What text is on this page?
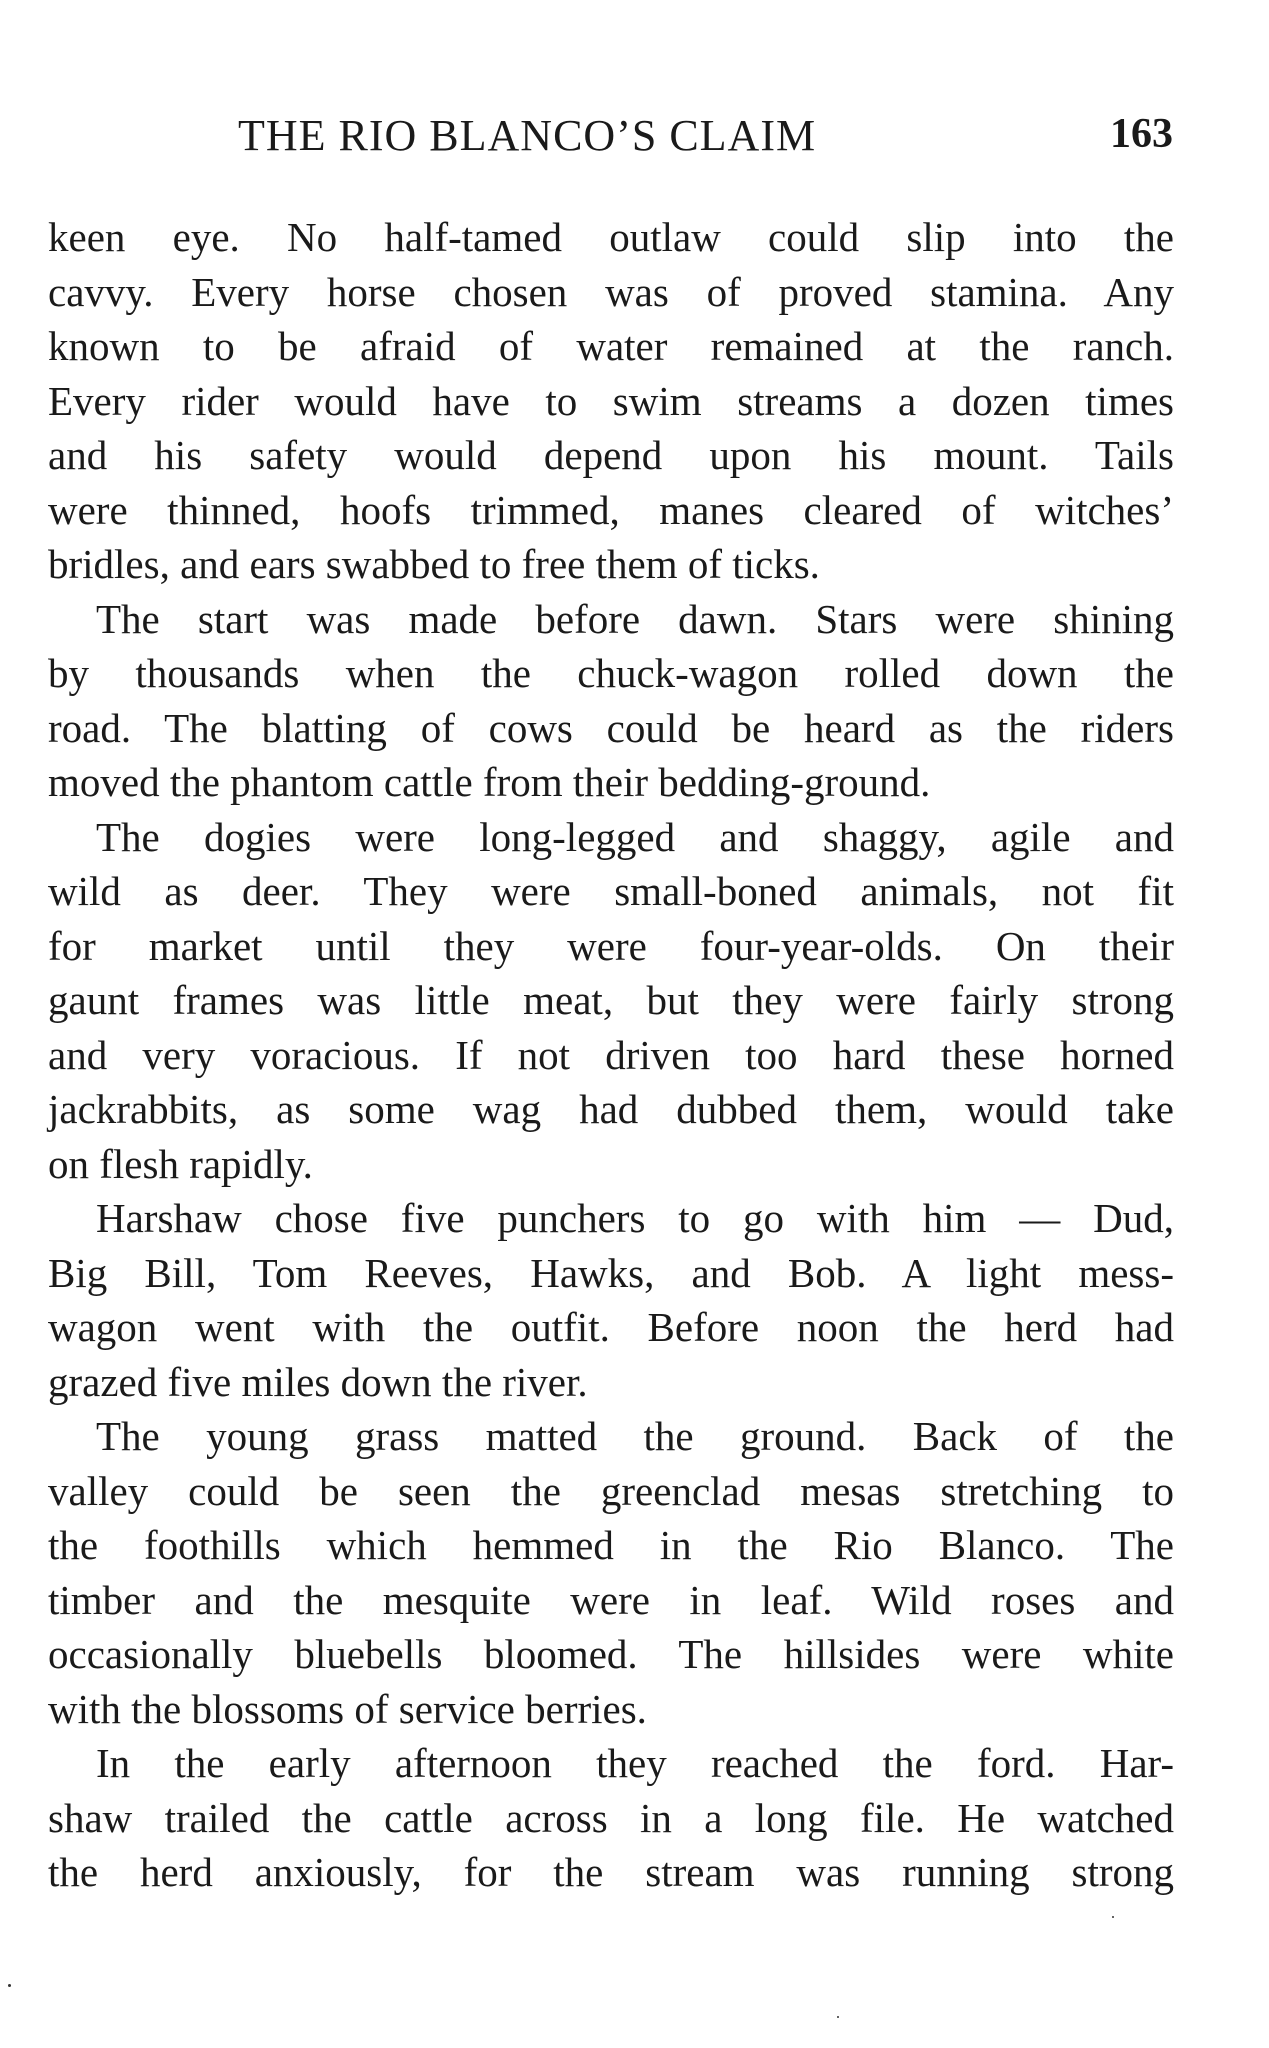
THE RIO BLANCO’S CLAIM	163
keen eye. No half-tamed outlaw could slip into the
cavvy. Every horse chosen was of proved stamina. Any
known to be afraid of water remained at the ranch.
Every rider would have to swim streams a dozen times
and his safety would depend upon his mount. Tails
were thinned, hoofs trimmed, manes cleared of witches’
bridles, and ears swabbed to free them of ticks.
The start was made before dawn. Stars were shining
by thousands when the chuck-wagon rolled down the
road. The blatting of cows could be heard as the riders
moved the phantom cattle from their bedding-ground.
The dogies were long-legged and shaggy, agile and
wild as deer. They were small-boned animals, not fit
for market until they were four-year-olds. On their
gaunt frames was little meat, but they were fairly strong
and very voracious. If not driven too hard these horned
jackrabbits, as some wag had dubbed them, would take
on flesh rapidly.
Harshaw chose five punchers to go with him — Dud,
Big Bill, Tom Reeves, Hawks, and Bob. A light mess-
wagon went with the outfit. Before noon the herd had
grazed five miles down the river.
The young grass matted the ground. Back of the
valley could be seen the greenclad mesas stretching to
the foothills which hemmed in the Rio Blanco. The
timber and the mesquite were in leaf. Wild roses and
occasionally bluebells bloomed. The hillsides were white
with the blossoms of service berries.
In the early afternoon they reached the ford. Har-
shaw trailed the cattle across in a long file. He watched
the herd anxiously, for the stream was running strong
